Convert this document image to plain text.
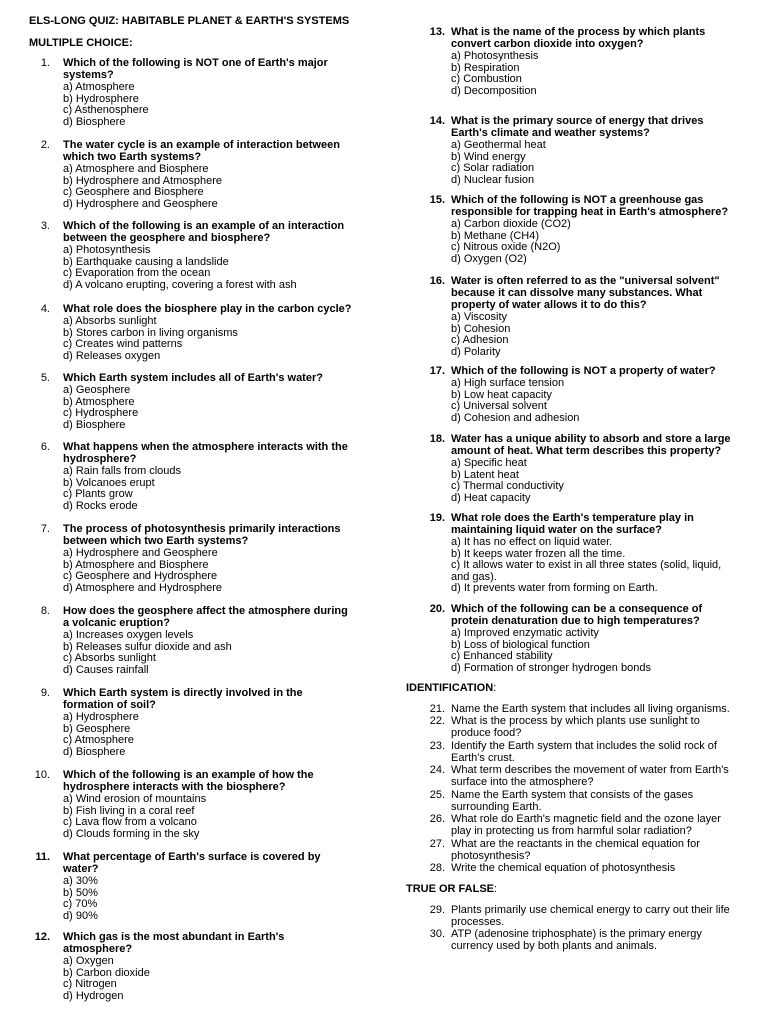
ELS-LONG QUIZ: HABITABLE PLANET & EARTH'S SYSTEMS
MULTIPLE CHOICE:
1. Which of the following is NOT one of Earth's major
systems?
a) Atmosphere
b) Hydrosphere
c) Asthenosphere
d) Biosphere
2. The water cycle is an example of interaction between
which two Earth systems?
a) Atmosphere and Biosphere
b) Hydrosphere and Atmosphere
c) Geosphere and Biosphere
d) Hydrosphere and Geosphere
3. Which of the following is an example of an interaction
between the geosphere and biosphere?
a) Photosynthesis
b) Earthquake causing a landslide
c) Evaporation from the ocean
d) A volcano erupting, covering a forest with ash
4. What role does the biosphere play in the carbon cycle?
a) Absorbs sunlight
b) Stores carbon in living organisms
c) Creates wind patterns
d) Releases oxygen
5. Which Earth system includes all of Earth's water?
a) Geosphere
b) Atmosphere
c) Hydrosphere
d) Biosphere
6. What happens when the atmosphere interacts with the
hydrosphere?
a) Rain falls from clouds
b) Volcanoes erupt
c) Plants grow
d) Rocks erode
7. The process of photosynthesis primarily interactions
between which two Earth systems?
a) Hydrosphere and Geosphere
b) Atmosphere and Biosphere
c) Geosphere and Hydrosphere
d) Atmosphere and Hydrosphere
8. How does the geosphere affect the atmosphere during
a volcanic eruption?
a) Increases oxygen levels
b) Releases sulfur dioxide and ash
c) Absorbs sunlight
d) Causes rainfall
9. Which Earth system is directly involved in the
formation of soil?
a) Hydrosphere
b) Geosphere
c) Atmosphere
d) Biosphere
10. Which of the following is an example of how the
hydrosphere interacts with the biosphere?
a) Wind erosion of mountains
b) Fish living in a coral reef
c) Lava flow from a volcano
d) Clouds forming in the sky
11. What percentage of Earth's surface is covered by
water?
a) 30%
b) 50%
c) 70%
d) 90%
12. Which gas is the most abundant in Earth's
atmosphere?
a) Oxygen
b) Carbon dioxide
c) Nitrogen
d) Hydrogen
13. What is the name of the process by which plants
convert carbon dioxide into oxygen?
a) Photosynthesis
b) Respiration
c) Combustion
d) Decomposition
14. What is the primary source of energy that drives
Earth's climate and weather systems?
a) Geothermal heat
b) Wind energy
c) Solar radiation
d) Nuclear fusion
15. Which of the following is NOT a greenhouse gas
responsible for trapping heat in Earth's atmosphere?
a) Carbon dioxide (CO2)
b) Methane (CH4)
c) Nitrous oxide (N2O)
d) Oxygen (O2)
16. Water is often referred to as the "universal solvent"
because it can dissolve many substances. What
property of water allows it to do this?
a) Viscosity
b) Cohesion
c) Adhesion
d) Polarity
17. Which of the following is NOT a property of water?
a) High surface tension
b) Low heat capacity
c) Universal solvent
d) Cohesion and adhesion
18. Water has a unique ability to absorb and store a large
amount of heat. What term describes this property?
a) Specific heat
b) Latent heat
c) Thermal conductivity
d) Heat capacity
19. What role does the Earth's temperature play in
maintaining liquid water on the surface?
a) It has no effect on liquid water.
b) It keeps water frozen all the time.
c) It allows water to exist in all three states (solid, liquid,
and gas).
d) It prevents water from forming on Earth.
20. Which of the following can be a consequence of
protein denaturation due to high temperatures?
a) Improved enzymatic activity
b) Loss of biological function
c) Enhanced stability
d) Formation of stronger hydrogen bonds
IDENTIFICATION:
21. Name the Earth system that includes all living organisms.
22. What is the process by which plants use sunlight to
produce food?
23. Identify the Earth system that includes the solid rock of
Earth's crust.
24. What term describes the movement of water from Earth's
surface into the atmosphere?
25. Name the Earth system that consists of the gases
surrounding Earth.
26. What role do Earth's magnetic field and the ozone layer
play in protecting us from harmful solar radiation?
27. What are the reactants in the chemical equation for
photosynthesis?
28. Write the chemical equation of photosynthesis
TRUE OR FALSE:
29. Plants primarily use chemical energy to carry out their life
processes.
30. ATP (adenosine triphosphate) is the primary energy
currency used by both plants and animals.
